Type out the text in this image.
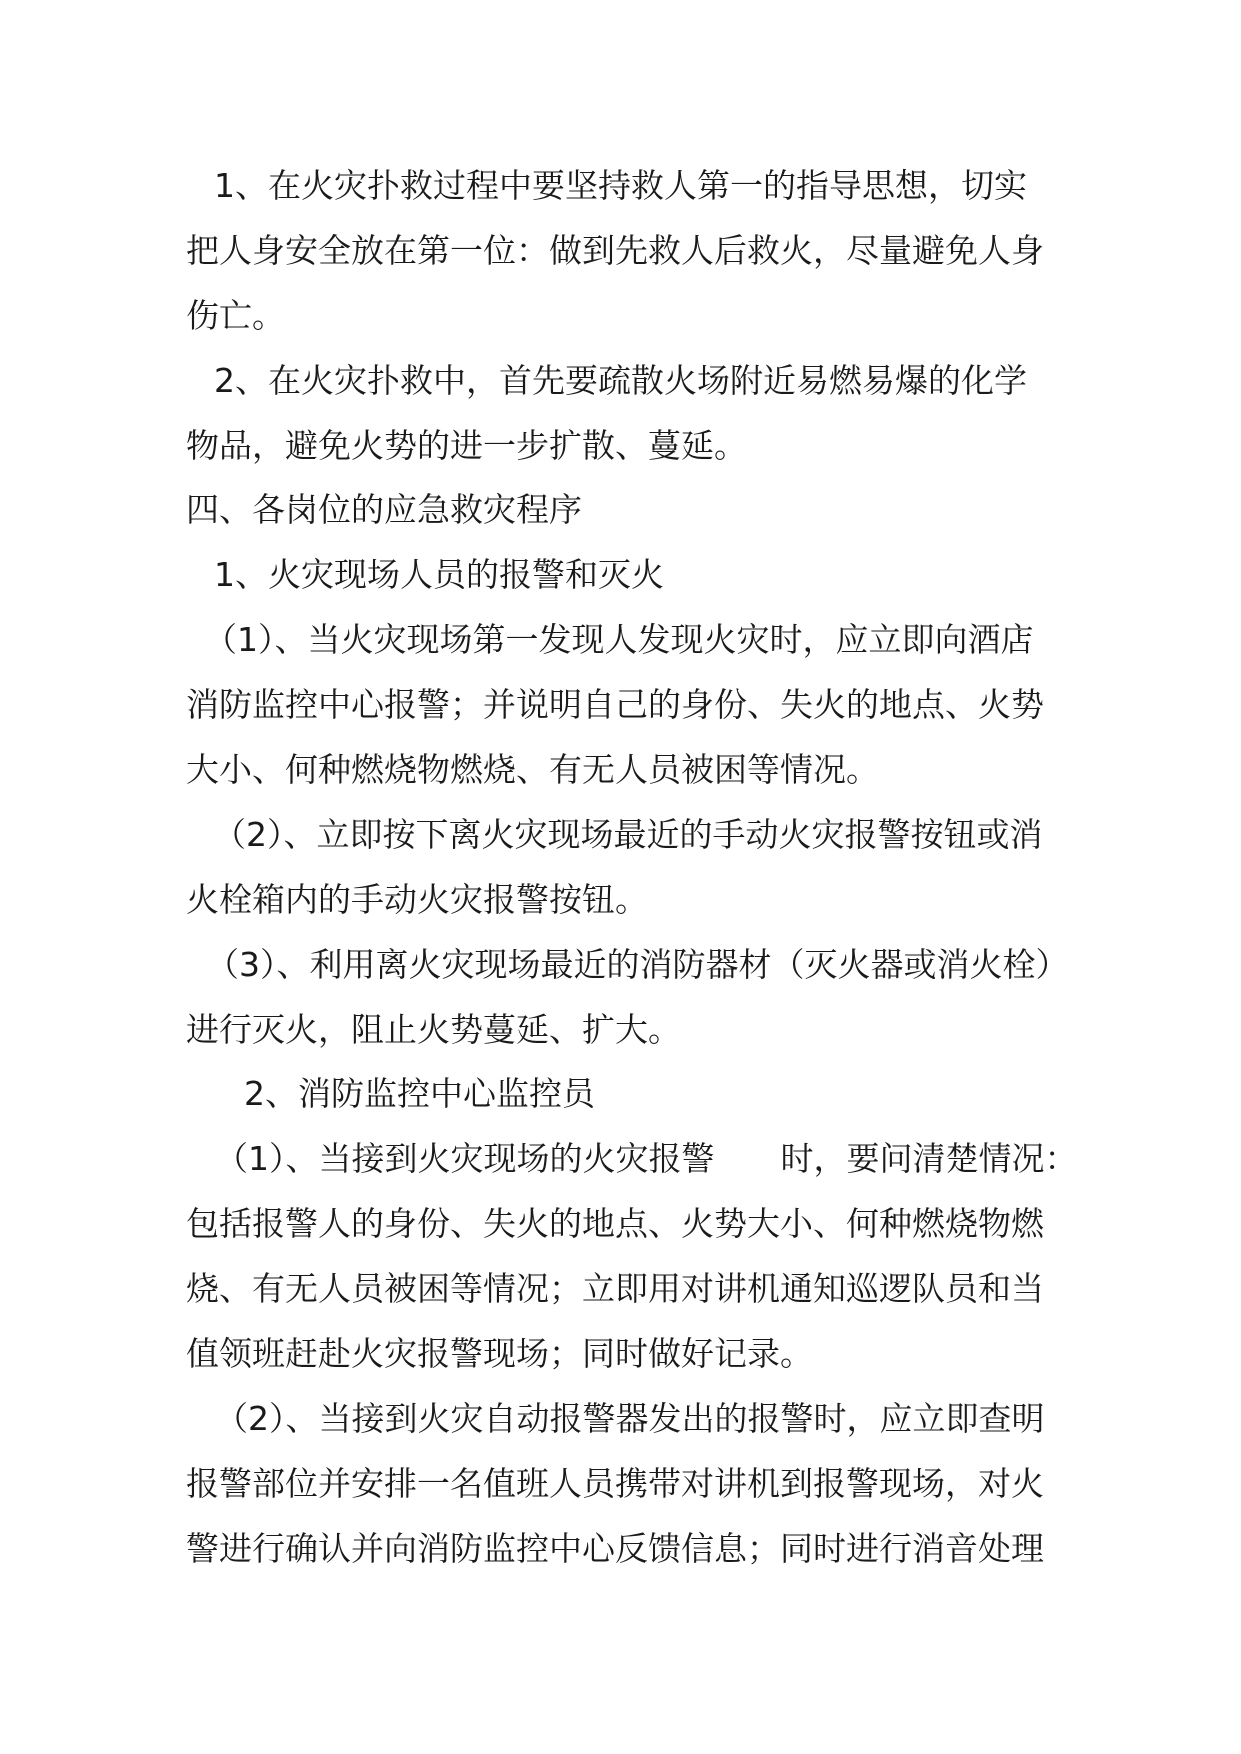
1、在火灾扑救过程中要坚持救人第一的指导思想，切实

把人身安全放在第一位：做到先救人后救火，尽量避免人身

伤亡。

2、在火灾扑救中，首先要疏散火场附近易燃易爆的化学

物品，避免火势的进一步扩散、蔓延。

四、各岗位的应急救灾程序

1、火灾现场人员的报警和灭火

（1）、当火灾现场第一发现人发现火灾时，应立即向酒店

消防监控中心报警；并说明自己的身份、失火的地点、火势

大小、何种燃烧物燃烧、有无人员被困等情况。

（2）、立即按下离火灾现场最近的手动火灾报警按钮或消

火栓箱内的手动火灾报警按钮。

（3）、利用离火灾现场最近的消防器材（灭火器或消火栓）

进行灭火，阻止火势蔓延、扩大。

2、消防监控中心监控员

（1）、当接到火灾现场的火灾报警　　时，要问清楚情况：

包括报警人的身份、失火的地点、火势大小、何种燃烧物燃

烧、有无人员被困等情况；立即用对讲机通知巡逻队员和当

值领班赶赴火灾报警现场；同时做好记录。

（2）、当接到火灾自动报警器发出的报警时，应立即查明

报警部位并安排一名值班人员携带对讲机到报警现场，对火

警进行确认并向消防监控中心反馈信息；同时进行消音处理
